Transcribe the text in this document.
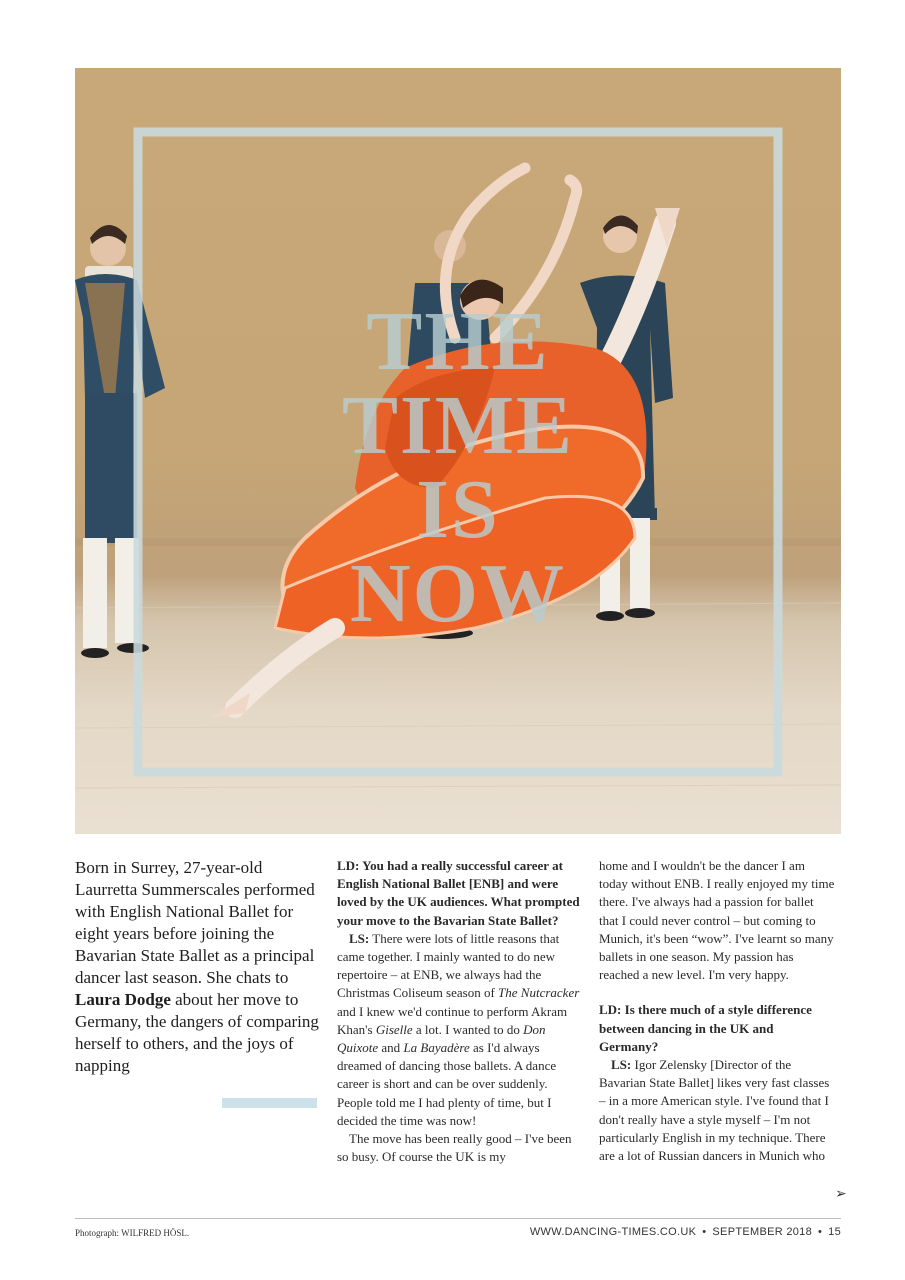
THE
TIME
IS
NOW
Born in Surrey, 27-year-old Laurretta Summerscales performed with English National Ballet for eight years before joining the Bavarian State Ballet as a principal dancer last season. She chats to Laura Dodge about her move to Germany, the dangers of comparing herself to others, and the joys of napping

LD: You had a really successful career at English National Ballet [ENB] and were loved by the UK audiences. What prompted your move to the Bavarian State Ballet?

LS: There were lots of little reasons that came together. I mainly wanted to do new repertoire – at ENB, we always had the Christmas Coliseum season of The Nutcracker and I knew we'd continue to perform Akram Khan's Giselle a lot. I wanted to do Don Quixote and La Bayadère as I'd always dreamed of dancing those ballets. A dance career is short and can be over suddenly. People told me I had plenty of time, but I decided the time was now!

The move has been really good – I've been so busy. Of course the UK is my

home and I wouldn't be the dancer I am today without ENB. I really enjoyed my time there. I've always had a passion for ballet that I could never control – but coming to Munich, it's been “wow”. I've learnt so many ballets in one season. My passion has reached a new level. I'm very happy.

LD: Is there much of a style difference between dancing in the UK and Germany?

LS: Igor Zelensky [Director of the Bavarian State Ballet] likes very fast classes – in a more American style. I've found that I don't really have a style myself – I'm not particularly English in my technique. There are a lot of Russian dancers in Munich who

➢
Photograph: WILFRED HÖSL.	WWW.DANCING-TIMES.CO.UK • SEPTEMBER 2018 • 15
